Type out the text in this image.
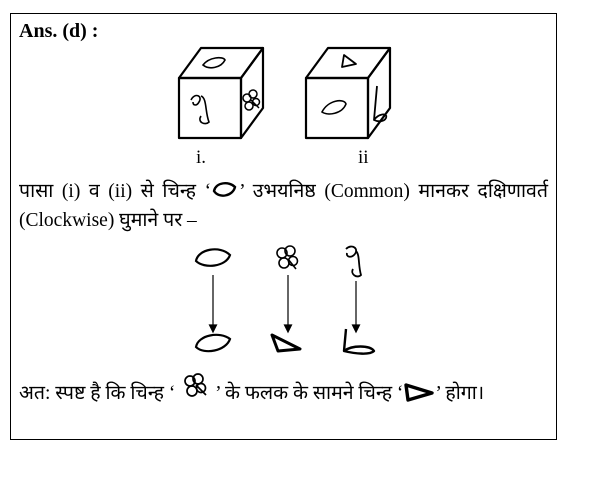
Ans. (d) :
i.	ii
पासा (i) व (ii) से चिन्ह ‘ ’ उभयनिष्ठ (Common) मानकर दक्षिणावर्त (Clockwise) घुमाने पर –
अत: स्पष्ट है कि चिन्ह ‘  ’ के फलक के सामने चिन्ह ‘ ’ होगा।
